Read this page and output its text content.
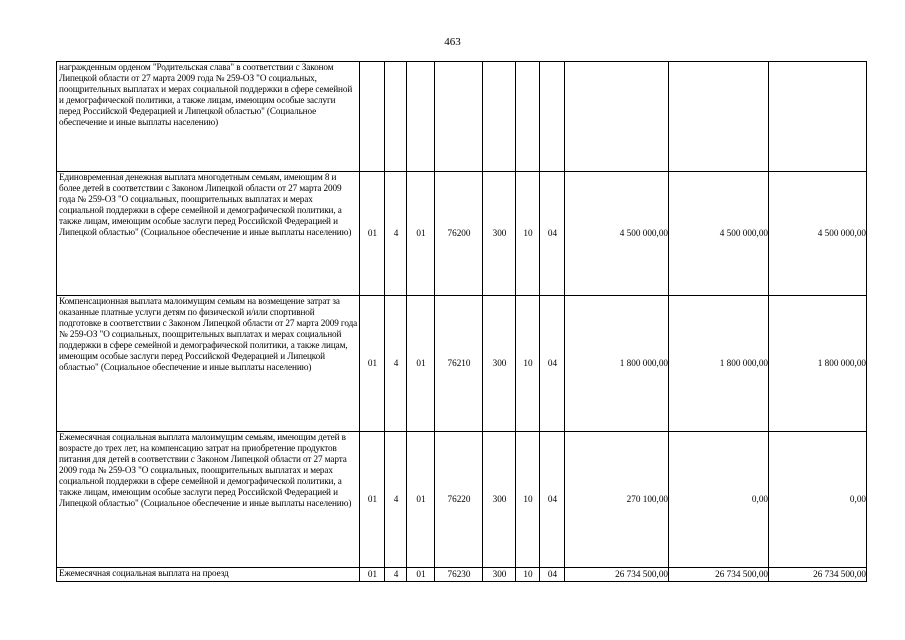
463
награжденным орденом "Родительская слава" в соответствии с Законом Липецкой области от 27 марта 2009 года № 259-ОЗ "О социальных, поощрительных выплатах и мерах социальной поддержки в сфере семейной и демографической политики, а также лицам, имеющим особые заслуги перед Российской Федерацией и Липецкой областью" (Социальное обеспечение и иные выплаты населению)										
Единовременная денежная выплата многодетным семьям, имеющим 8 и более детей в соответствии с Законом Липецкой области от 27 марта 2009 года № 259-ОЗ "О социальных, поощрительных выплатах и мерах социальной поддержки в сфере семейной и демографической политики, а также лицам, имеющим особые заслуги перед Российской Федерацией и Липецкой областью" (Социальное обеспечение и иные выплаты населению)	01	4	01	76200	300	10	04	4 500 000,00	4 500 000,00	4 500 000,00
Компенсационная выплата малоимущим семьям на возмещение затрат за оказанные платные услуги детям по физической и/или спортивной подготовке в соответствии с Законом Липецкой области от 27 марта 2009 года № 259-ОЗ "О социальных, поощрительных выплатах и мерах социальной поддержки в сфере семейной и демографической политики, а также лицам, имеющим особые заслуги перед Российской Федерацией и Липецкой областью" (Социальное обеспечение и иные выплаты населению)	01	4	01	76210	300	10	04	1 800 000,00	1 800 000,00	1 800 000,00
Ежемесячная социальная выплата малоимущим семьям, имеющим детей в возрасте до трех лет, на компенсацию затрат на приобретение продуктов питания для детей в соответствии с Законом Липецкой области от 27 марта 2009 года № 259-ОЗ "О социальных, поощрительных выплатах и мерах социальной поддержки в сфере семейной и демографической политики, а также лицам, имеющим особые заслуги перед Российской Федерацией и Липецкой областью" (Социальное обеспечение и иные выплаты населению)	01	4	01	76220	300	10	04	270 100,00	0,00	0,00
Ежемесячная социальная выплата на проезд	01	4	01	76230	300	10	04	26 734 500,00	26 734 500,00	26 734 500,00
